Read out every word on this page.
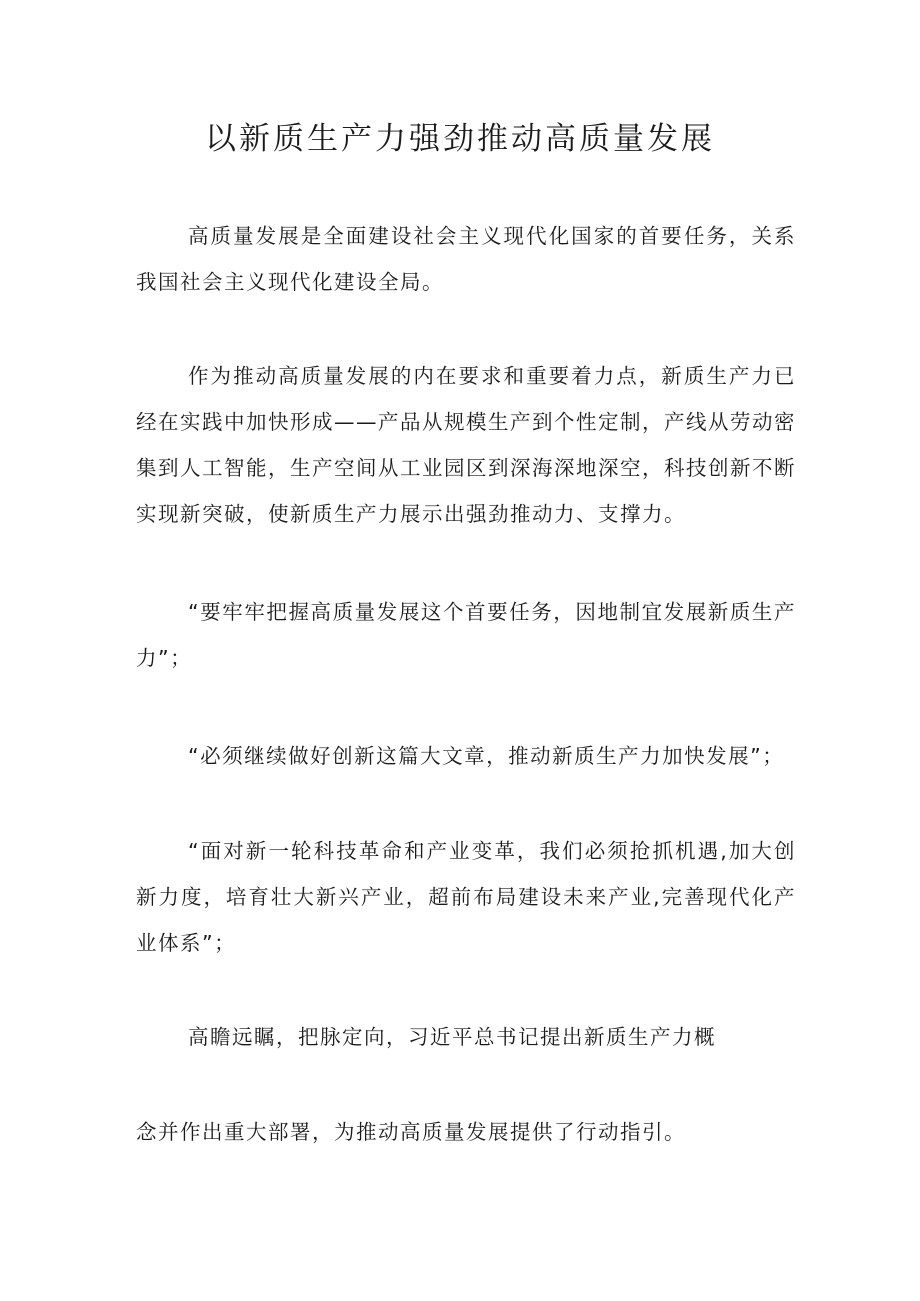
以新质生产力强劲推动高质量发展

高质量发展是全面建设社会主义现代化国家的首要任务，关系我国社会主义现代化建设全局。

作为推动高质量发展的内在要求和重要着力点，新质生产力已经在实践中加快形成——产品从规模生产到个性定制，产线从劳动密集到人工智能，生产空间从工业园区到深海深地深空，科技创新不断实现新突破，使新质生产力展示出强劲推动力、支撑力。

“要牢牢把握高质量发展这个首要任务，因地制宜发展新质生产力”；

“必须继续做好创新这篇大文章，推动新质生产力加快发展”；

“面对新一轮科技革命和产业变革，我们必须抢抓机遇,加大创新力度，培育壮大新兴产业，超前布局建设未来产业,完善现代化产业体系”；

高瞻远瞩，把脉定向，习近平总书记提出新质生产力概

念并作出重大部署，为推动高质量发展提供了行动指引。
